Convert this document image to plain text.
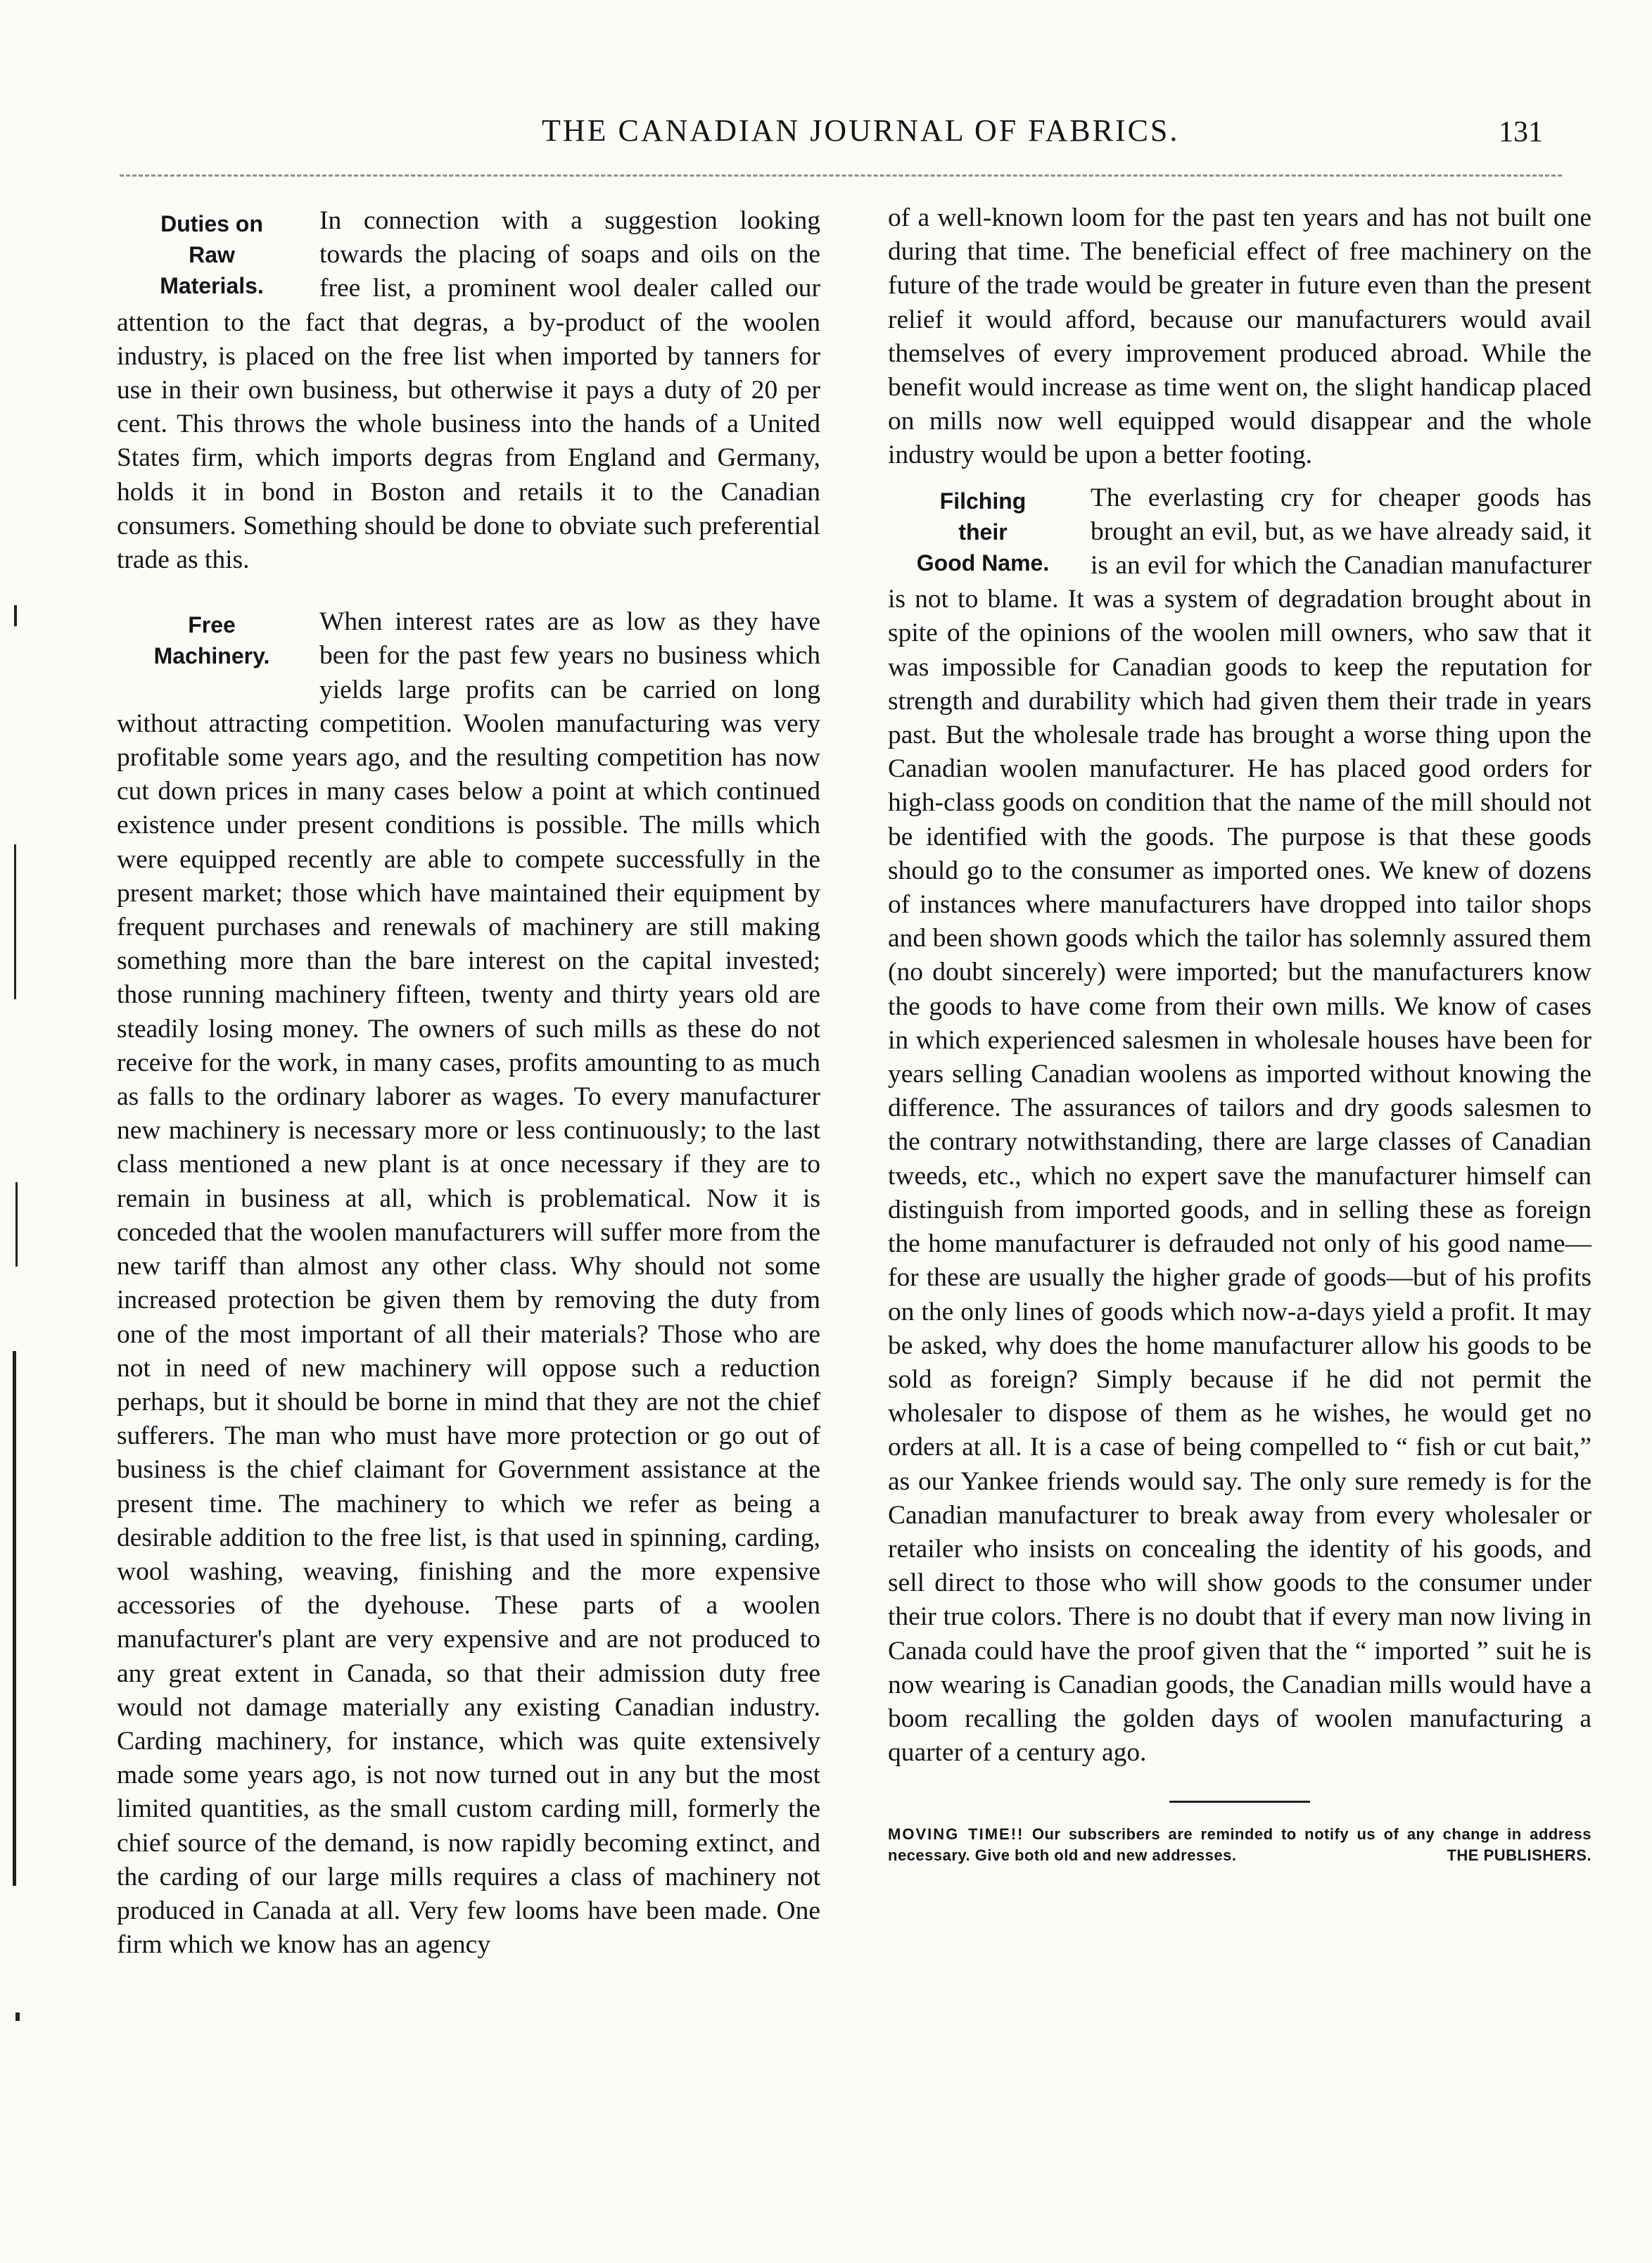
THE CANADIAN JOURNAL OF FABRICS.	131
Duties on
Raw
Materials.

In connection with a suggestion looking towards the placing of soaps and oils on the free list, a prominent wool dealer called our attention to the fact that degras, a by-product of the woolen industry, is placed on the free list when imported by tanners for use in their own business, but otherwise it pays a duty of 20 per cent. This throws the whole business into the hands of a United States firm, which imports degras from England and Germany, holds it in bond in Boston and retails it to the Canadian consumers. Something should be done to obviate such preferential trade as this.

Free
Machinery.

When interest rates are as low as they have been for the past few years no business which yields large profits can be carried on long without attracting competition. Woolen manufacturing was very profitable some years ago, and the resulting competition has now cut down prices in many cases below a point at which continued existence under present conditions is possible. The mills which were equipped recently are able to compete successfully in the present market; those which have maintained their equipment by frequent purchases and renewals of machinery are still making something more than the bare interest on the capital invested; those running machinery fifteen, twenty and thirty years old are steadily losing money. The owners of such mills as these do not receive for the work, in many cases, profits amounting to as much as falls to the ordinary laborer as wages. To every manufacturer new machinery is necessary more or less continuously; to the last class mentioned a new plant is at once necessary if they are to remain in business at all, which is problematical. Now it is conceded that the woolen manufacturers will suffer more from the new tariff than almost any other class. Why should not some increased protection be given them by removing the duty from one of the most important of all their materials? Those who are not in need of new machinery will oppose such a reduction perhaps, but it should be borne in mind that they are not the chief sufferers. The man who must have more protection or go out of business is the chief claimant for Government assistance at the present time. The machinery to which we refer as being a desirable addition to the free list, is that used in spinning, carding, wool washing, weaving, finishing and the more expensive accessories of the dyehouse. These parts of a woolen manufacturer's plant are very expensive and are not produced to any great extent in Canada, so that their admission duty free would not damage materially any existing Canadian industry. Carding machinery, for instance, which was quite extensively made some years ago, is not now turned out in any but the most limited quantities, as the small custom carding mill, formerly the chief source of the demand, is now rapidly becoming extinct, and the carding of our large mills requires a class of machinery not produced in Canada at all. Very few looms have been made. One firm which we know has an agency

of a well-known loom for the past ten years and has not built one during that time. The beneficial effect of free machinery on the future of the trade would be greater in future even than the present relief it would afford, because our manufacturers would avail themselves of every improvement produced abroad. While the benefit would increase as time went on, the slight handicap placed on mills now well equipped would disappear and the whole industry would be upon a better footing.

Filching
their
Good Name.

The everlasting cry for cheaper goods has brought an evil, but, as we have already said, it is an evil for which the Canadian manufacturer is not to blame. It was a system of degradation brought about in spite of the opinions of the woolen mill owners, who saw that it was impossible for Canadian goods to keep the reputation for strength and durability which had given them their trade in years past. But the wholesale trade has brought a worse thing upon the Canadian woolen manufacturer. He has placed good orders for high-class goods on condition that the name of the mill should not be identified with the goods. The purpose is that these goods should go to the consumer as imported ones. We knew of dozens of instances where manufacturers have dropped into tailor shops and been shown goods which the tailor has solemnly assured them (no doubt sincerely) were imported; but the manufacturers know the goods to have come from their own mills. We know of cases in which experienced salesmen in wholesale houses have been for years selling Canadian woolens as imported without knowing the difference. The assurances of tailors and dry goods salesmen to the contrary notwithstanding, there are large classes of Canadian tweeds, etc., which no expert save the manufacturer himself can distinguish from imported goods, and in selling these as foreign the home manufacturer is defrauded not only of his good name—for these are usually the higher grade of goods—but of his profits on the only lines of goods which now-a-days yield a profit. It may be asked, why does the home manufacturer allow his goods to be sold as foreign? Simply because if he did not permit the wholesaler to dispose of them as he wishes, he would get no orders at all. It is a case of being compelled to “ fish or cut bait,” as our Yankee friends would say. The only sure remedy is for the Canadian manufacturer to break away from every wholesaler or retailer who insists on concealing the identity of his goods, and sell direct to those who will show goods to the consumer under their true colors. There is no doubt that if every man now living in Canada could have the proof given that the “ imported ” suit he is now wearing is Canadian goods, the Canadian mills would have a boom recalling the golden days of woolen manufacturing a quarter of a century ago.

MOVING TIME!! Our subscribers are reminded to notify us of any change in address necessary. Give both old and new addresses.	THE PUBLISHERS.
